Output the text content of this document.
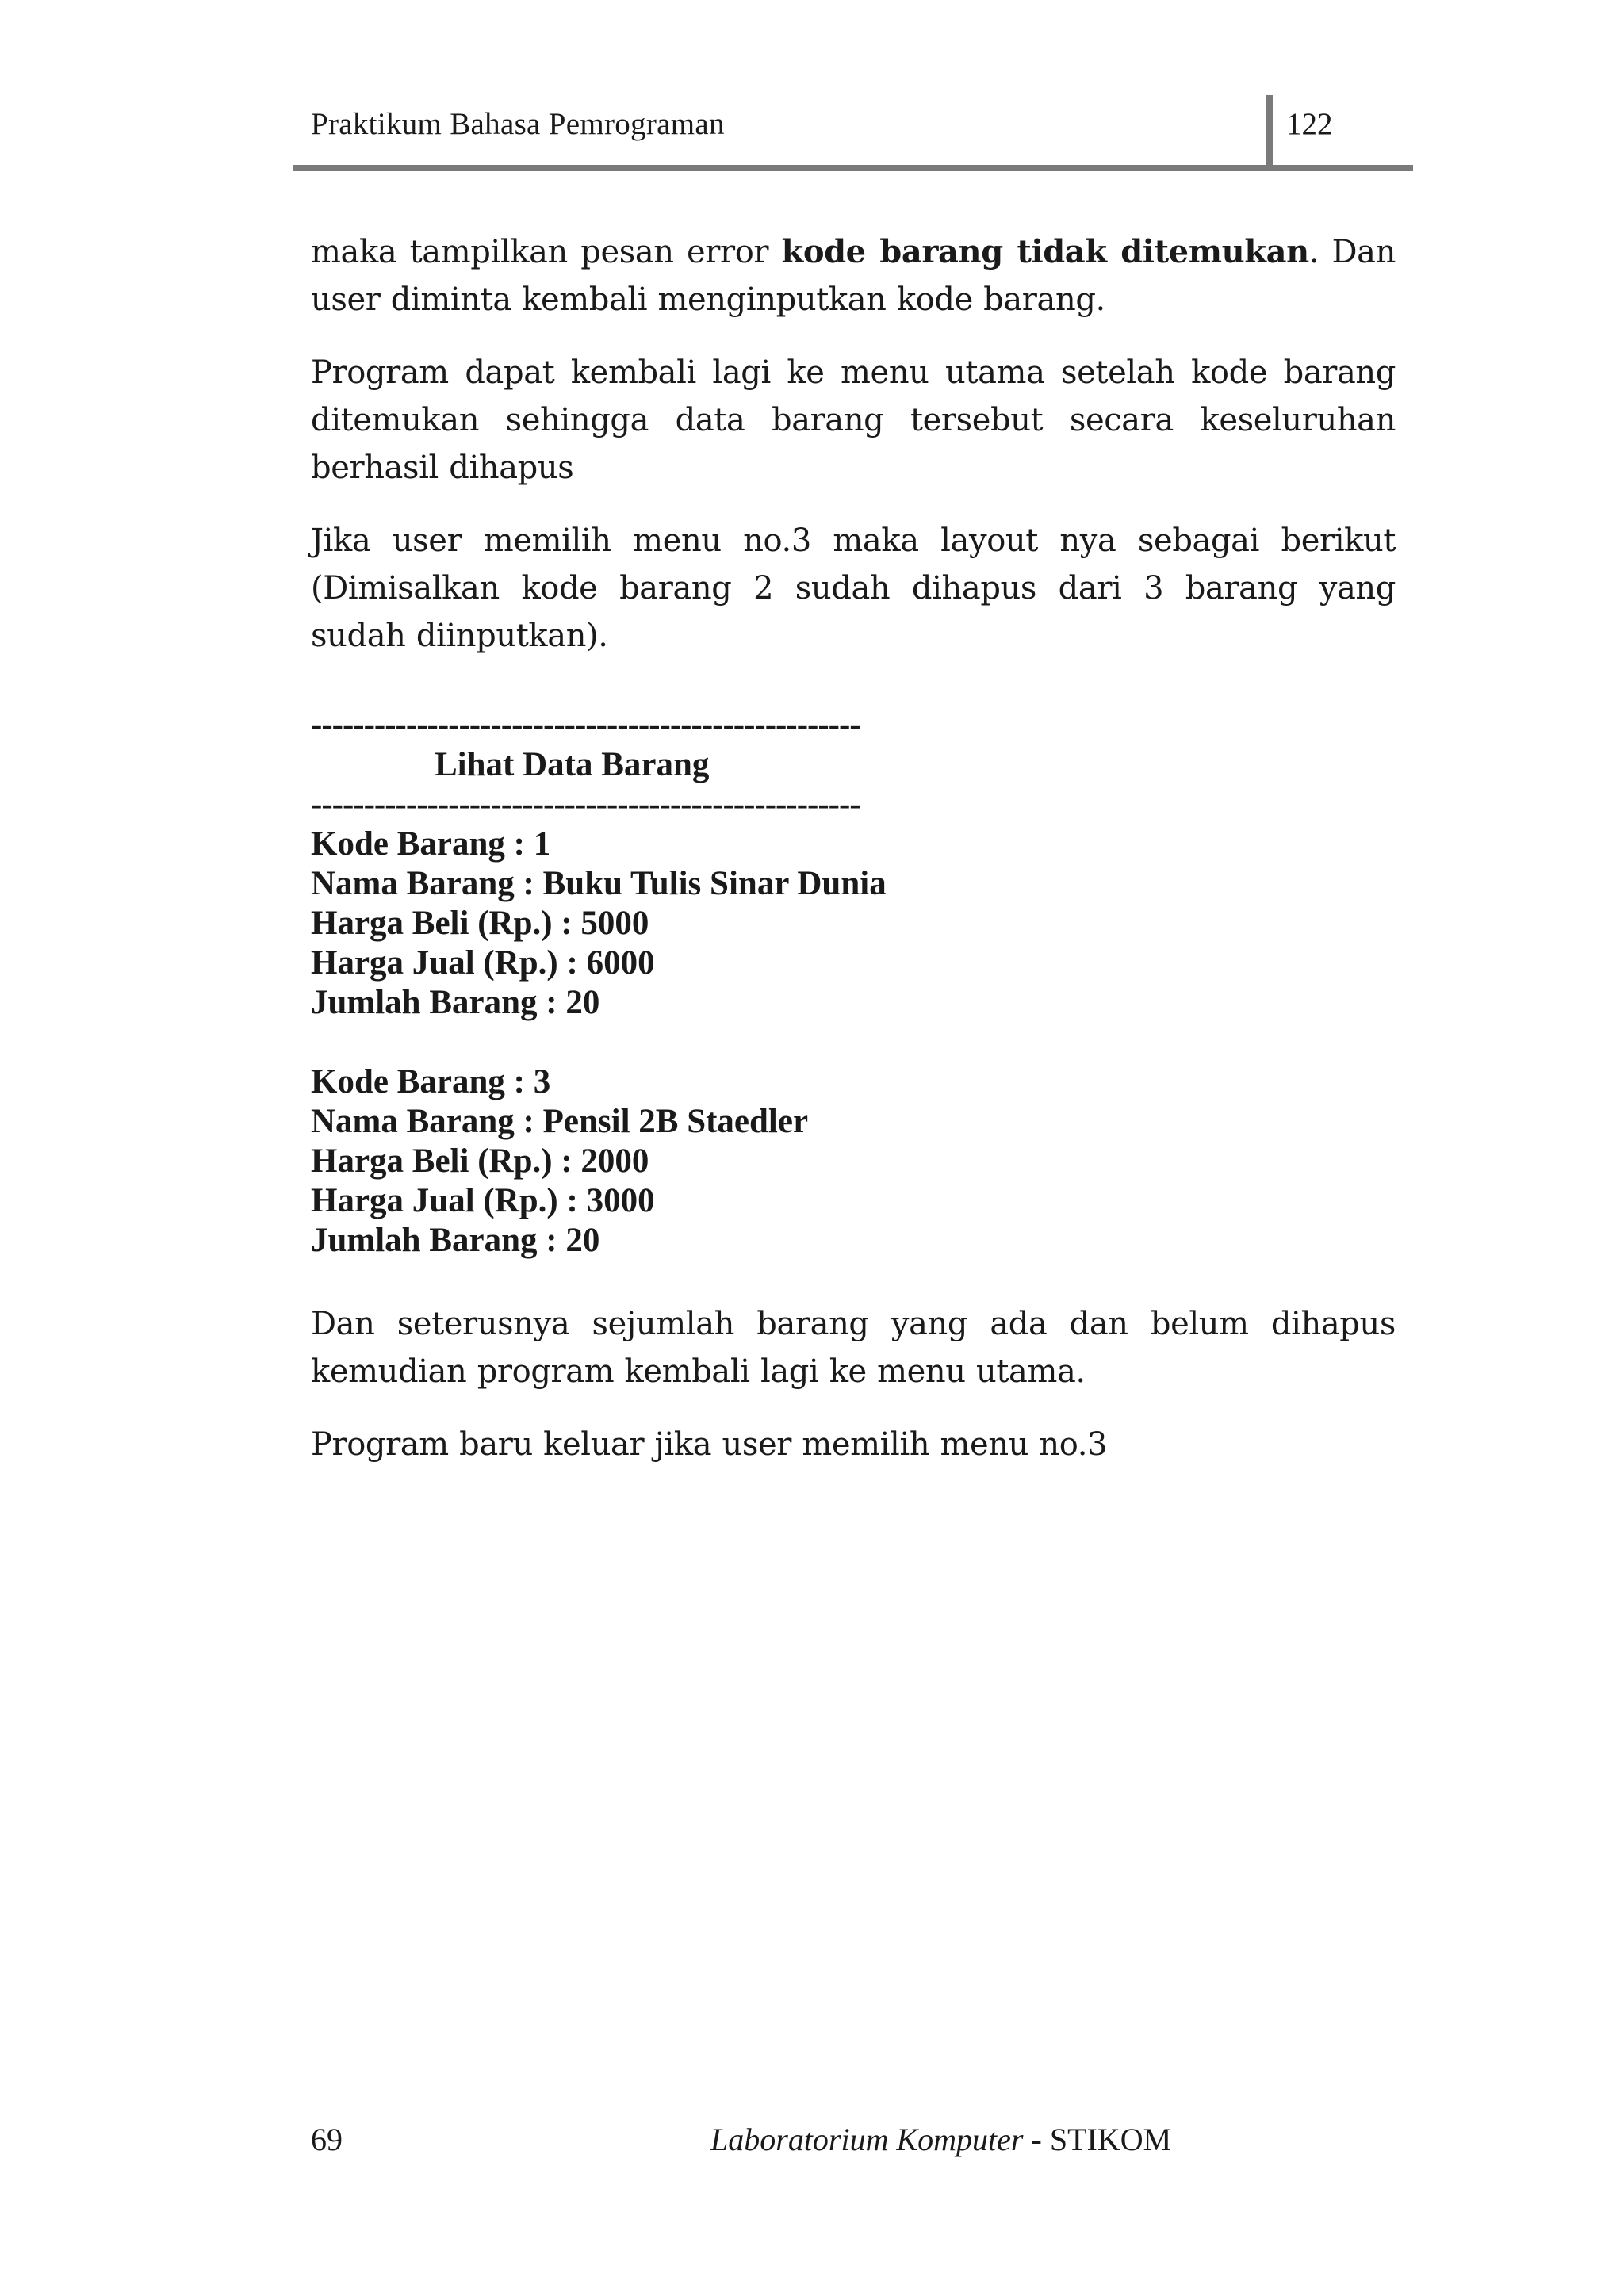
Praktikum Bahasa Pemrograman	122

maka tampilkan pesan error kode barang tidak ditemukan. Dan user diminta kembali menginputkan kode barang.

Program dapat kembali lagi ke menu utama setelah kode barang ditemukan sehingga data barang tersebut secara keseluruhan berhasil dihapus

Jika user memilih menu no.3 maka layout nya sebagai berikut (Dimisalkan kode barang 2 sudah dihapus dari 3 barang yang sudah diinputkan).

----------------------------------------------------
Lihat Data Barang
----------------------------------------------------
Kode Barang : 1
Nama Barang : Buku Tulis Sinar Dunia
Harga Beli (Rp.) : 5000
Harga Jual (Rp.) : 6000
Jumlah Barang : 20
Kode Barang : 3
Nama Barang : Pensil 2B Staedler
Harga Beli (Rp.) : 2000
Harga Jual (Rp.) : 3000
Jumlah Barang : 20

Dan seterusnya sejumlah barang yang ada dan belum dihapus kemudian program kembali lagi ke menu utama.

Program baru keluar jika user memilih menu no.3

69	Laboratorium Komputer - STIKOM
